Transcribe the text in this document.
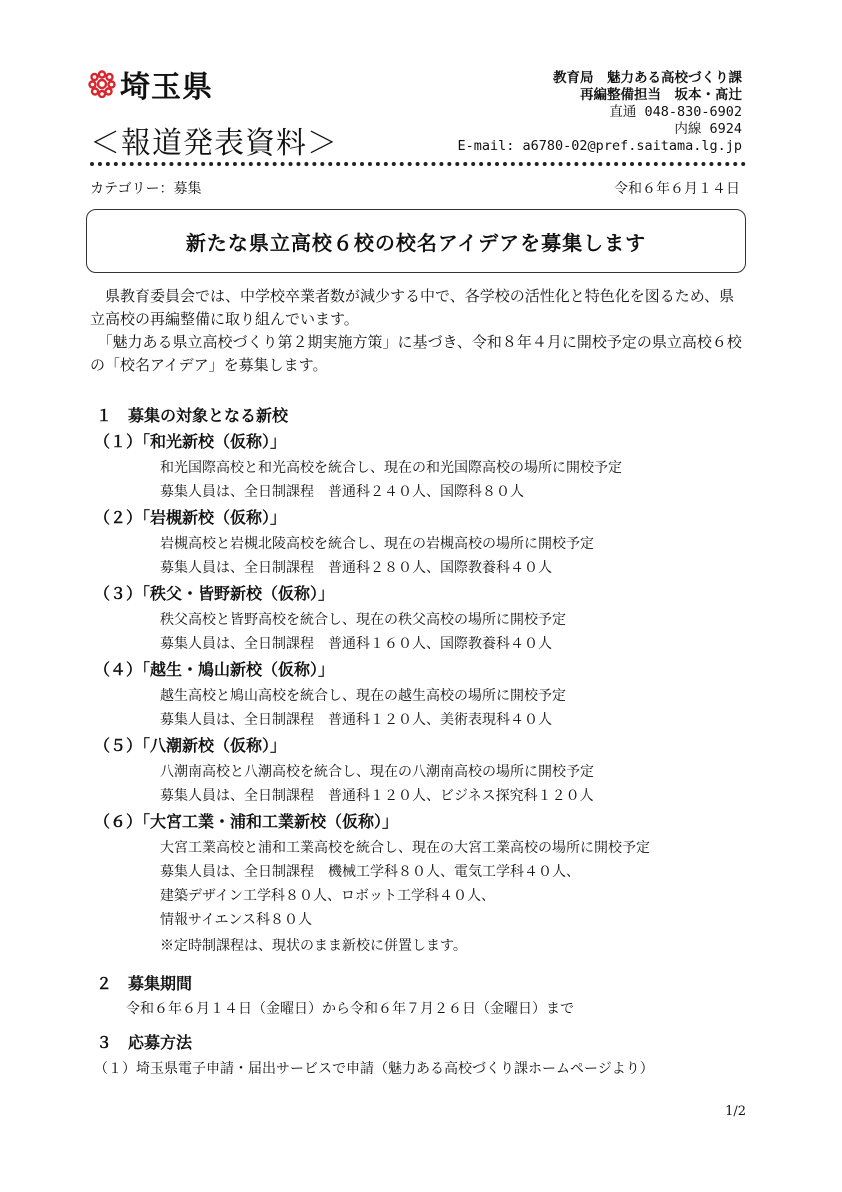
埼玉県
＜報道発表資料＞
教育局　魅力ある高校づくり課
再編整備担当　坂本・髙辻
直通 048-830-6902
内線 6924
E-mail: a6780-02@pref.saitama.lg.jp
カテゴリー：募集	令和６年６月１４日
新たな県立高校６校の校名アイデアを募集します

　県教育委員会では、中学校卒業者数が減少する中で、各学校の活性化と特色化を図るため、県立高校の再編整備に取り組んでいます。

　「魅力ある県立高校づくり第２期実施方策」に基づき、令和８年４月に開校予定の県立高校６校の「校名アイデア」を募集します。

１　募集の対象となる新校
（１）「和光新校（仮称）」
和光国際高校と和光高校を統合し、現在の和光国際高校の場所に開校予定
募集人員は、全日制課程　普通科２４０人、国際科８０人
（２）「岩槻新校（仮称）」
岩槻高校と岩槻北陵高校を統合し、現在の岩槻高校の場所に開校予定
募集人員は、全日制課程　普通科２８０人、国際教養科４０人
（３）「秩父・皆野新校（仮称）」
秩父高校と皆野高校を統合し、現在の秩父高校の場所に開校予定
募集人員は、全日制課程　普通科１６０人、国際教養科４０人
（４）「越生・鳩山新校（仮称）」
越生高校と鳩山高校を統合し、現在の越生高校の場所に開校予定
募集人員は、全日制課程　普通科１２０人、美術表現科４０人
（５）「八潮新校（仮称）」
八潮南高校と八潮高校を統合し、現在の八潮南高校の場所に開校予定
募集人員は、全日制課程　普通科１２０人、ビジネス探究科１２０人
（６）「大宮工業・浦和工業新校（仮称）」
大宮工業高校と浦和工業高校を統合し、現在の大宮工業高校の場所に開校予定
募集人員は、全日制課程　機械工学科８０人、電気工学科４０人、
建築デザイン工学科８０人、ロボット工学科４０人、
情報サイエンス科８０人
※定時制課程は、現状のまま新校に併置します。
２　募集期間
令和６年６月１４日（金曜日）から令和６年７月２６日（金曜日）まで
３　応募方法
（１）埼玉県電子申請・届出サービスで申請（魅力ある高校づくり課ホームページより）
1/2
